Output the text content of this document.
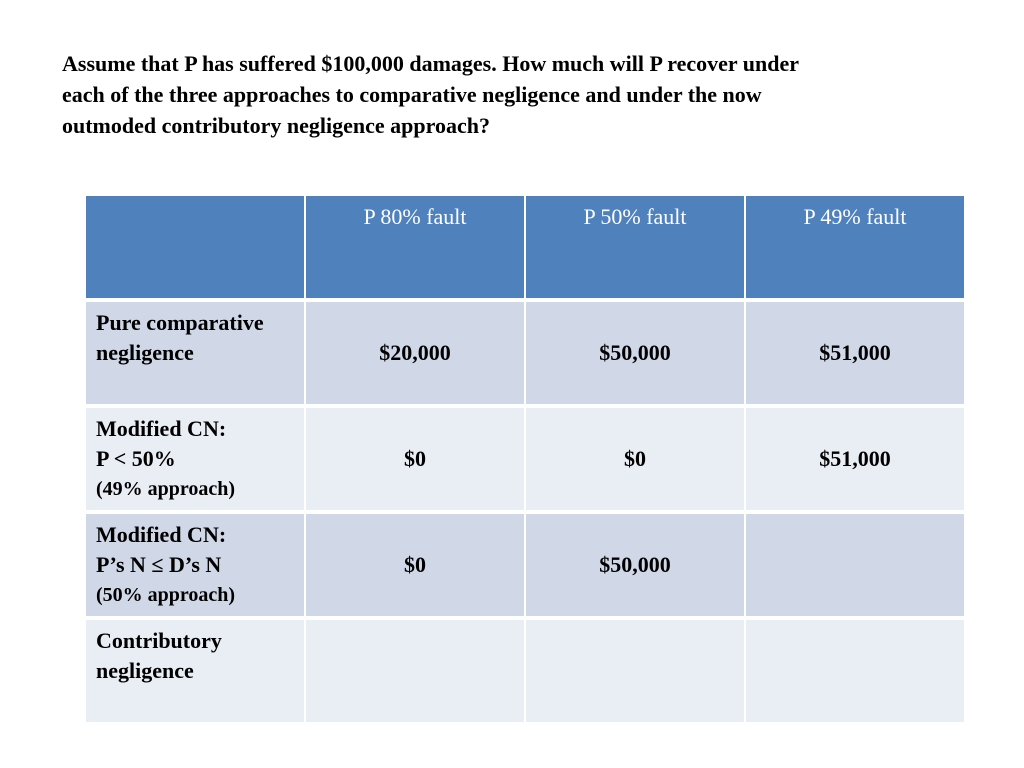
Assume that P has suffered $100,000 damages. How much will P recover under
each of the three approaches to comparative negligence and under the now
outmoded contributory negligence approach?
P 80% fault	P 50% fault	P 49% fault
Pure comparative
negligence	$20,000	$50,000	$51,000
Modified CN:
P < 50%
(49% approach)
$0	$0	$51,000
Modified CN:
P’s N ≤ D’s N
(50% approach)
$0	$50,000
Contributory
negligence
